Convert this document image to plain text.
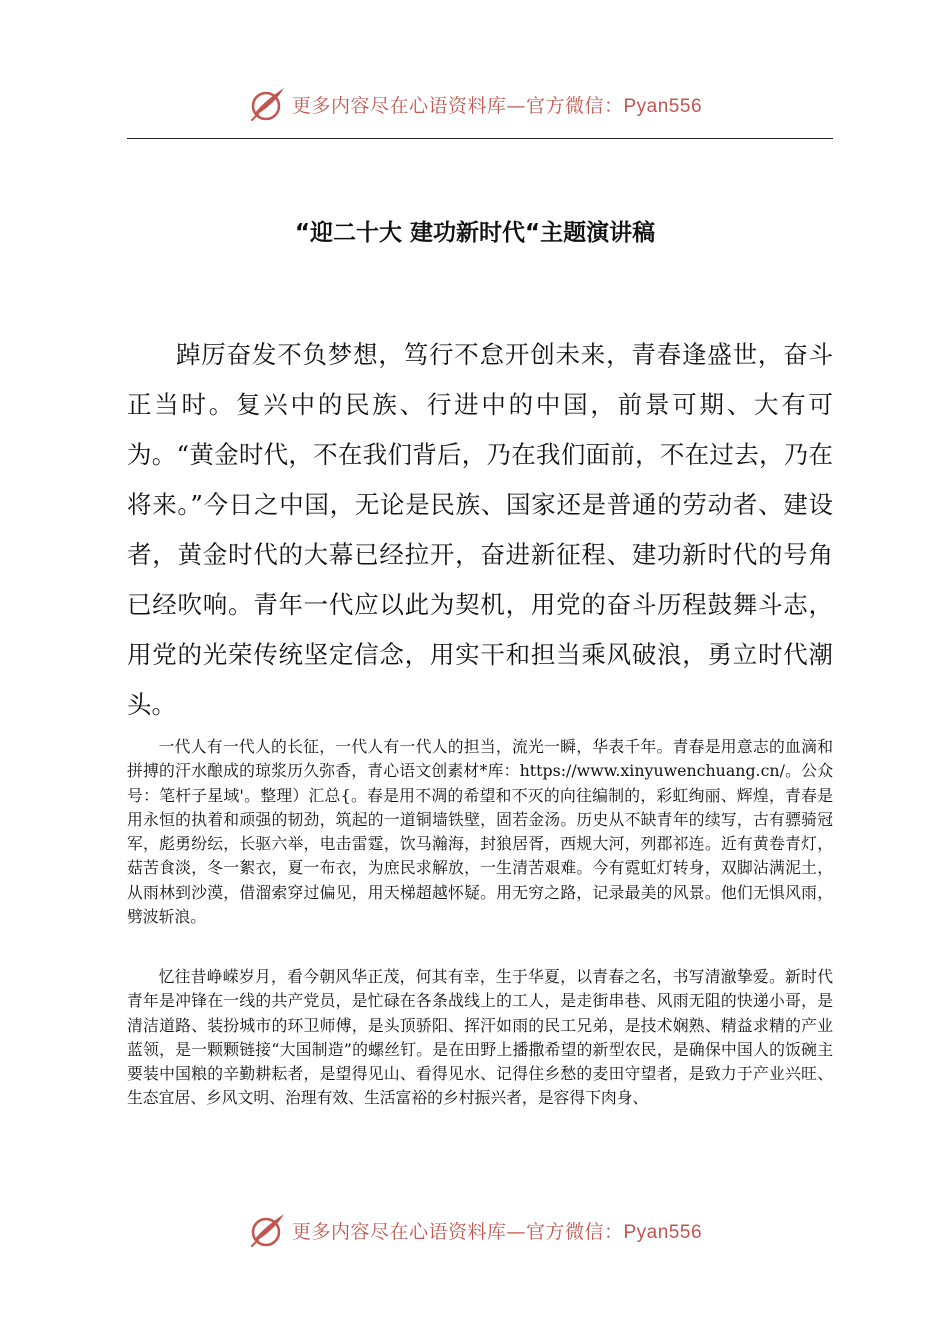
更多内容尽在心语资料库—官方微信：Pyan556
“迎二十大 建功新时代“主题演讲稿

踔厉奋发不负梦想，笃行不怠开创未来，青春逢盛世，奋斗正当时。复兴中的民族、行进中的中国，前景可期、大有可为。“黄金时代，不在我们背后，乃在我们面前，不在过去，乃在将来。”今日之中国，无论是民族、国家还是普通的劳动者、建设者，黄金时代的大幕已经拉开，奋进新征程、建功新时代的号角已经吹响。青年一代应以此为契机，用党的奋斗历程鼓舞斗志，用党的光荣传统坚定信念，用实干和担当乘风破浪，勇立时代潮头。

一代人有一代人的长征，一代人有一代人的担当，流光一瞬，华表千年。青春是用意志的血滴和拼搏的汗水酿成的琼浆历久弥香，青心语文创素材*库：https://www.xinyuwenchuang.cn/。公众号：笔杆子星域'。整理）汇总{。春是用不凋的希望和不灭的向往编制的，彩虹绚丽、辉煌，青春是用永恒的执着和顽强的韧劲，筑起的一道铜墙铁壁，固若金汤。历史从不缺青年的续写，古有骠骑冠军，彪勇纷纭，长驱六举，电击雷霆，饮马瀚海，封狼居胥，西规大河，列郡祁连。近有黄卷青灯，菇苦食淡，冬一絮衣，夏一布衣，为庶民求解放，一生清苦艰难。今有霓虹灯转身，双脚沾满泥土，从雨林到沙漠，借溜索穿过偏见，用天梯超越怀疑。用无穷之路，记录最美的风景。他们无惧风雨，劈波斩浪。

忆往昔峥嵘岁月，看今朝风华正茂，何其有幸，生于华夏，以青春之名，书写清澈挚爱。新时代青年是冲锋在一线的共产党员，是忙碌在各条战线上的工人，是走街串巷、风雨无阻的快递小哥，是清洁道路、装扮城市的环卫师傅，是头顶骄阳、挥汗如雨的民工兄弟，是技术娴熟、精益求精的产业蓝领，是一颗颗链接“大国制造”的螺丝钉。是在田野上播撒希望的新型农民，是确保中国人的饭碗主要装中国粮的辛勤耕耘者，是望得见山、看得见水、记得住乡愁的麦田守望者，是致力于产业兴旺、生态宜居、乡风文明、治理有效、生活富裕的乡村振兴者，是容得下肉身、

更多内容尽在心语资料库—官方微信：Pyan556
